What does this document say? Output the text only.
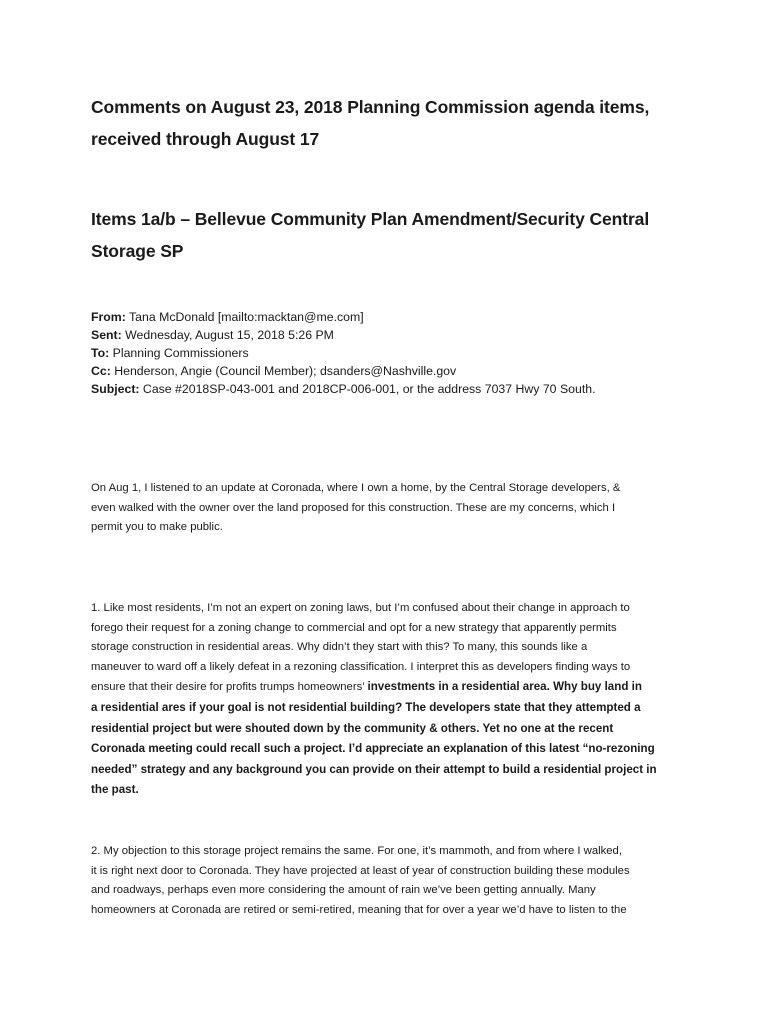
Comments on August 23, 2018 Planning Commission agenda items,
received through August 17
Items 1a/b – Bellevue Community Plan Amendment/Security Central
Storage SP
From: Tana McDonald [mailto:macktan@me.com]
Sent: Wednesday, August 15, 2018 5:26 PM
To: Planning Commissioners
Cc: Henderson, Angie (Council Member); dsanders@Nashville.gov
Subject: Case #2018SP-043-001 and 2018CP-006-001, or the address 7037 Hwy 70 South.

On Aug 1, I listened to an update at Coronada, where I own a home, by the Central Storage developers, &
even walked with the owner over the land proposed for this construction. These are my concerns, which I
permit you to make public.

1. Like most residents, I’m not an expert on zoning laws, but I’m confused about their change in approach to
forego their request for a zoning change to commercial and opt for a new strategy that apparently permits
storage construction in residential areas. Why didn’t they start with this? To many, this sounds like a
maneuver to ward off a likely defeat in a rezoning classification. I interpret this as developers finding ways to
ensure that their desire for profits trumps homeowners’ investments in a residential area. Why buy land in
a residential ares if your goal is not residential building? The developers state that they attempted a
residential project but were shouted down by the community & others. Yet no one at the recent
Coronada meeting could recall such a project. I’d appreciate an explanation of this latest “no-rezoning
needed” strategy and any background you can provide on their attempt to build a residential project in
the past.

2. My objection to this storage project remains the same. For one, it’s mammoth, and from where I walked,
it is right next door to Coronada. They have projected at least of year of construction building these modules
and roadways, perhaps even more considering the amount of rain we’ve been getting annually. Many
homeowners at Coronada are retired or semi-retired, meaning that for over a year we’d have to listen to the
